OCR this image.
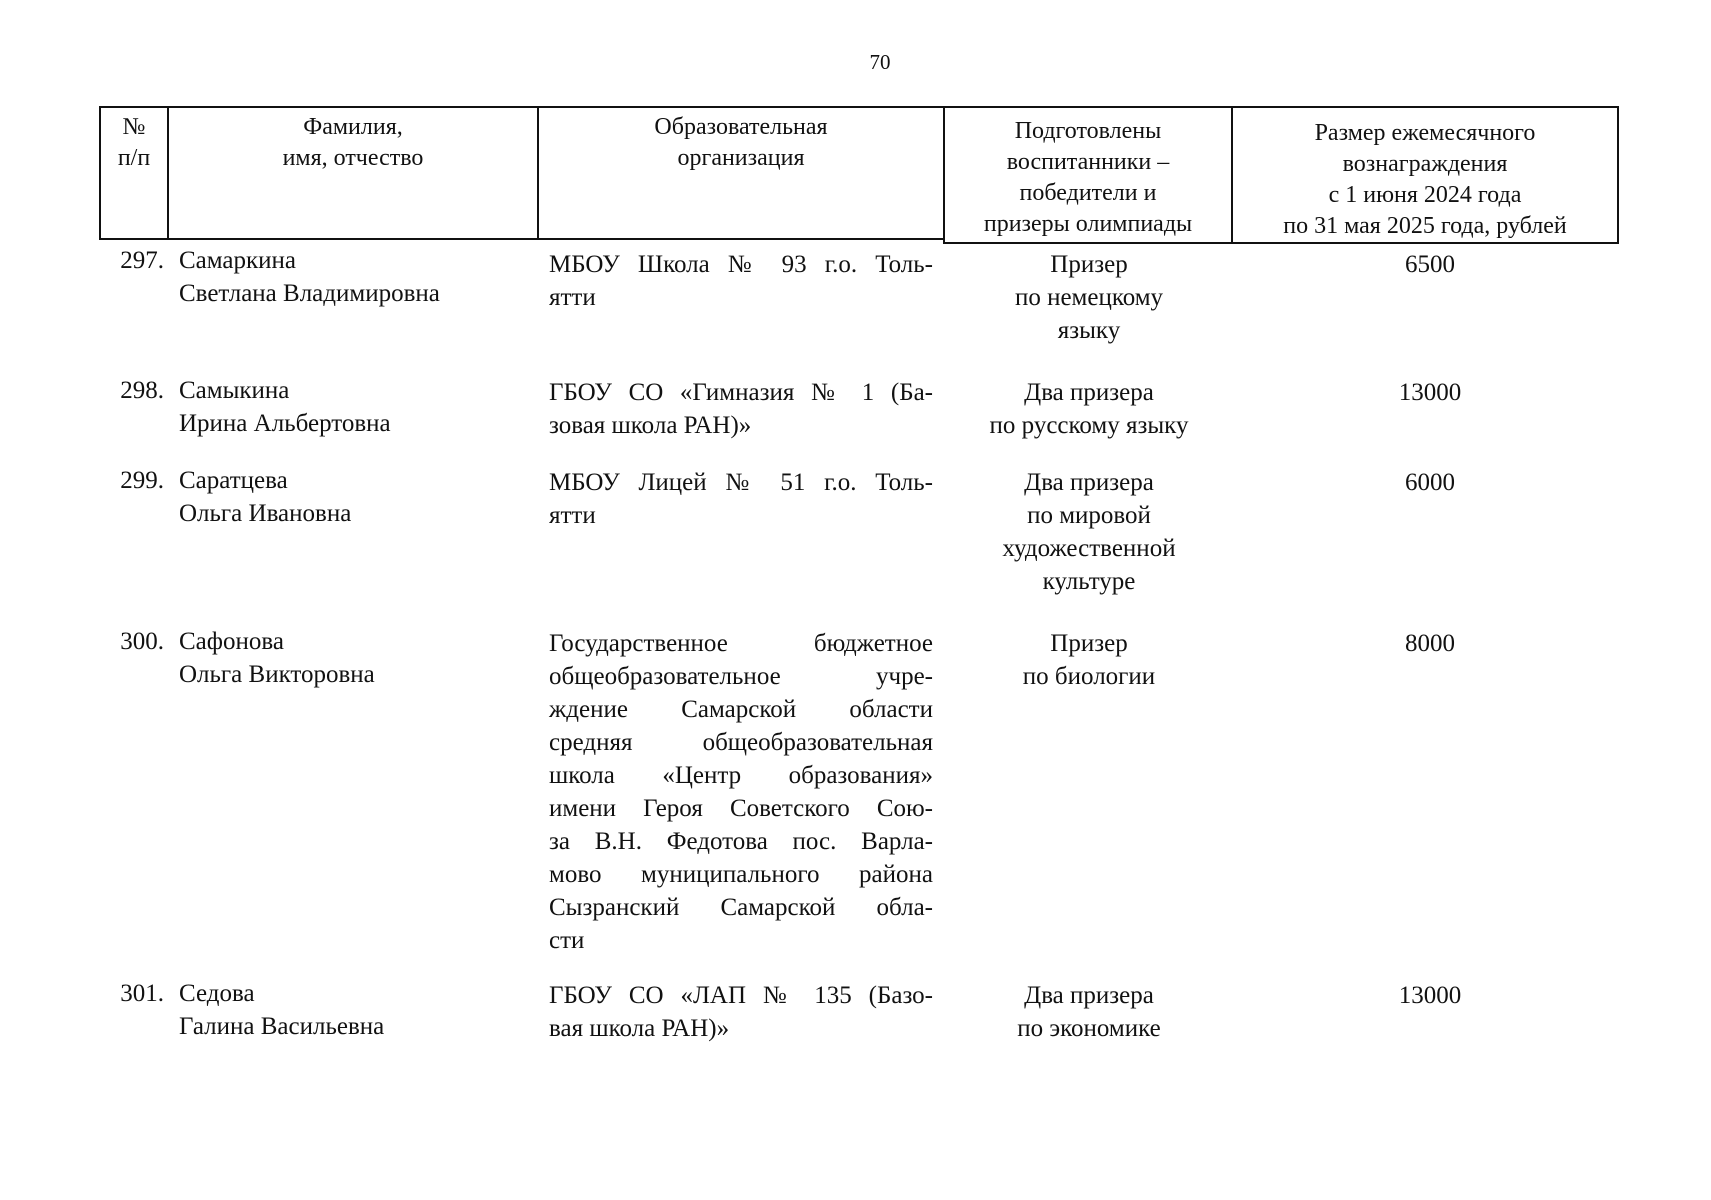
70
№
п/п
Фамилия,
имя, отчество
Образовательная
организация
Подготовлены
воспитанники –
победители и
призеры олимпиады
Размер ежемесячного
вознаграждения
с 1 июня 2024 года
по 31 мая 2025 года, рублей
297. Самаркина
Светлана Владимировна
МБОУ Школа № 93 г.о. Толь-
ятти
Призер
по немецкому
языку
6500
298. Самыкина
Ирина Альбертовна
ГБОУ СО «Гимназия № 1 (Ба-
зовая школа РАН)»
Два призера
по русскому языку
13000
299. Саратцева
Ольга Ивановна
МБОУ Лицей № 51 г.о. Толь-
ятти
Два призера
по мировой
художественной
культуре
6000
300. Сафонова
Ольга Викторовна
Государственное бюджетное
общеобразовательное учре-
ждение Самарской области
средняя общеобразовательная
школа «Центр образования»
имени Героя Советского Сою-
за В.Н. Федотова пос. Варла-
мово муниципального района
Сызранский Самарской обла-
сти
Призер
по биологии
8000
301. Седова
Галина Васильевна
ГБОУ СО «ЛАП № 135 (Базо-
вая школа РАН)»
Два призера
по экономике
13000
